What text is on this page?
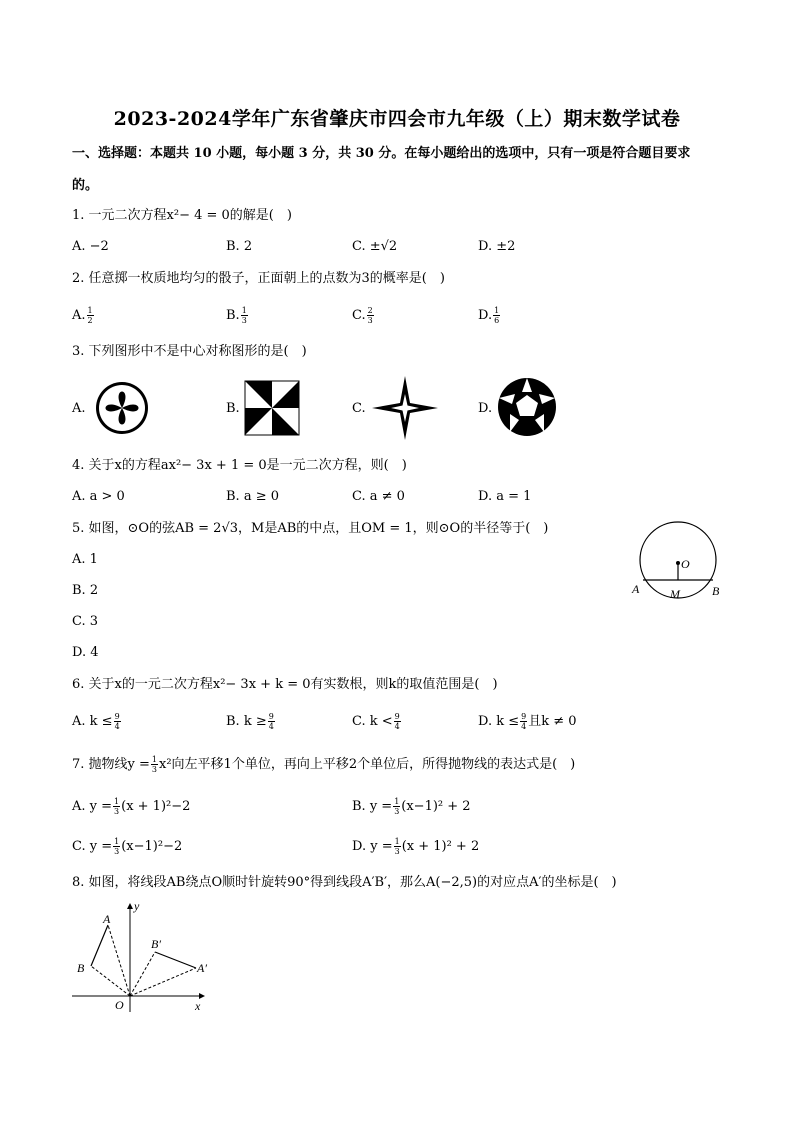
2023-2024学年广东省肇庆市四会市九年级（上）期末数学试卷
一、选择题：本题共 10 小题，每小题 3 分，共 30 分。在每小题给出的选项中，只有一项是符合题目要求
的。
1. 一元二次方程x²− 4 = 0的解是(　)
A. −2	B. 2	C. ±√2	D. ±2
2. 任意掷一枚质地均匀的骰子，正面朝上的点数为3的概率是(　)
A. $\frac{1}{2}$	B. $\frac{1}{3}$	C. $\frac{2}{3}$	D. $\frac{1}{6}$
3. 下列图形中不是中心对称图形的是(　)
A.	B.	C.	D.
4. 关于x的方程ax²− 3x + 1 = 0是一元二次方程，则(　)
A. a > 0	B. a ≥ 0	C. a ≠ 0	D. a = 1
5. 如图，⊙O的弦AB = 2√3，M是AB的中点，且OM = 1，则⊙O的半径等于(　)
A. 1
B. 2
C. 3
D. 4
O
A	M	B
6. 关于x的一元二次方程x²− 3x + k = 0有实数根，则k的取值范围是(　)
A. $k \le \frac{9}{4}$	B. $k \ge \frac{9}{4}$	C. $k < \frac{9}{4}$	D. $k \le \frac{9}{4}$ 且k ≠ 0
7. 抛物线$y = \frac{1}{3} x^2$向左平移1个单位，再向上平移2个单位后，所得抛物线的表达式是(　)
A. $y = \frac{1}{3} (x + 1)^2-2$	B. $y = \frac{1}{3} (x-1)^2 + 2$
C. $y = \frac{1}{3} (x-1)^2-2$	D. $y = \frac{1}{3} (x + 1)^2 + 2$
8. 如图，将线段AB绕点O顺时针旋转90°得到线段A′B′，那么A(−2,5)的对应点A′的坐标是(　)
A
B
B′
A′
O	x
y
